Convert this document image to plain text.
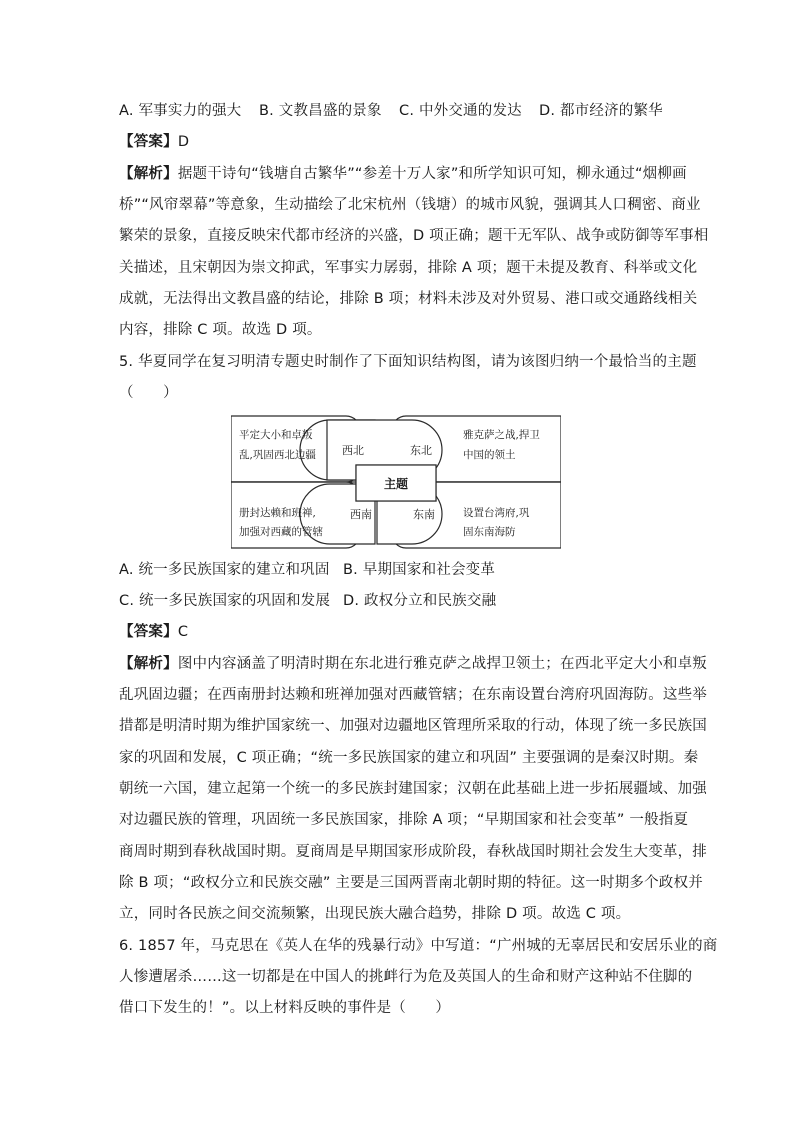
A. 军事实力的强大 B. 文教昌盛的景象 C. 中外交通的发达 D. 都市经济的繁华
【答案】D
【解析】据题干诗句“钱塘自古繁华”“参差十万人家”和所学知识可知，柳永通过“烟柳画
桥”“风帘翠幕”等意象，生动描绘了北宋杭州（钱塘）的城市风貌，强调其人口稠密、商业
繁荣的景象，直接反映宋代都市经济的兴盛，D 项正确；题干无军队、战争或防御等军事相
关描述，且宋朝因为崇文抑武，军事实力孱弱，排除 A 项；题干未提及教育、科举或文化
成就，无法得出文教昌盛的结论，排除 B 项；材料未涉及对外贸易、港口或交通路线相关
内容，排除 C 项。故选 D 项。
5. 华夏同学在复习明清专题史时制作了下面知识结构图，请为该图归纳一个最恰当的主题
（　　）
主题
西北	东北
西南	东南
平定大小和卓叛
乱,巩固西北边疆
雅克萨之战,捍卫
中国的领土
册封达赖和班禅,
加强对西藏的管辖
设置台湾府,巩
固东南海防
A. 统一多民族国家的建立和巩固 B. 早期国家和社会变革
C. 统一多民族国家的巩固和发展 D. 政权分立和民族交融
【答案】C
【解析】图中内容涵盖了明清时期在东北进行雅克萨之战捍卫领土；在西北平定大小和卓叛
乱巩固边疆；在西南册封达赖和班禅加强对西藏管辖；在东南设置台湾府巩固海防。这些举
措都是明清时期为维护国家统一、加强对边疆地区管理所采取的行动，体现了统一多民族国
家的巩固和发展，C 项正确；“统一多民族国家的建立和巩固” 主要强调的是秦汉时期。秦
朝统一六国，建立起第一个统一的多民族封建国家；汉朝在此基础上进一步拓展疆域、加强
对边疆民族的管理，巩固统一多民族国家，排除 A 项；“早期国家和社会变革” 一般指夏
商周时期到春秋战国时期。夏商周是早期国家形成阶段，春秋战国时期社会发生大变革，排
除 B 项；“政权分立和民族交融” 主要是三国两晋南北朝时期的特征。这一时期多个政权并
立，同时各民族之间交流频繁，出现民族大融合趋势，排除 D 项。故选 C 项。
6. 1857 年，马克思在《英人在华的残暴行动》中写道：“广州城的无辜居民和安居乐业的商
人惨遭屠杀……这一切都是在中国人的挑衅行为危及英国人的生命和财产这种站不住脚的
借口下发生的！”。以上材料反映的事件是（　　）
